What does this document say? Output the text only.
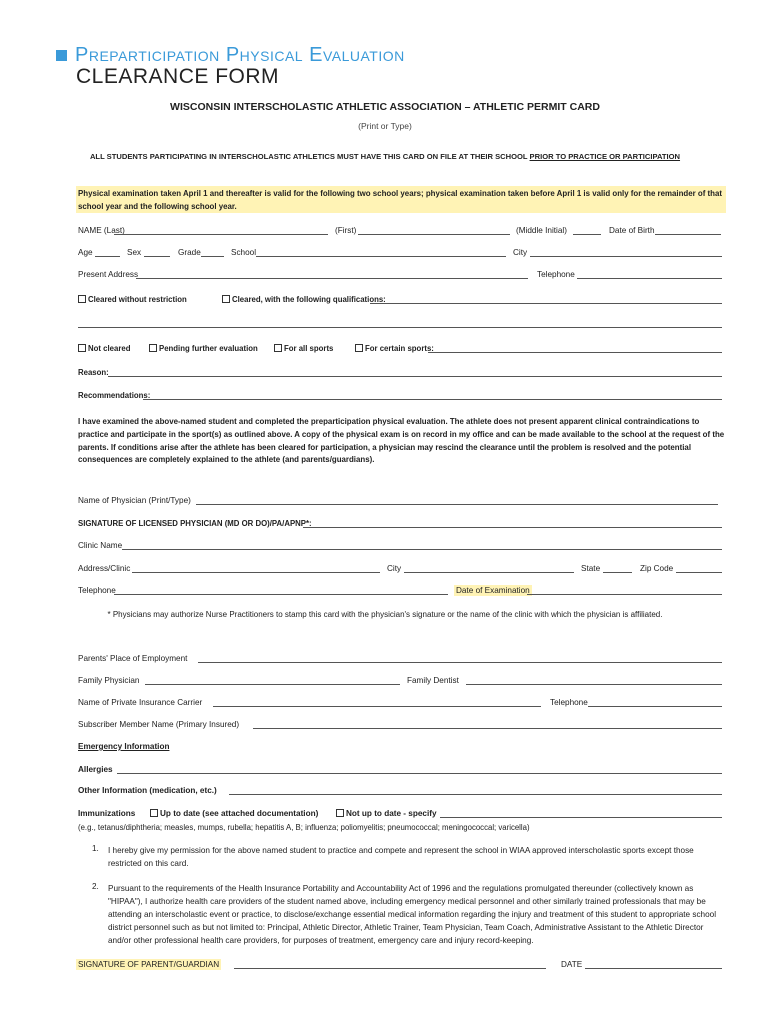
Preparticipation Physical Evaluation
CLEARANCE FORM
WISCONSIN INTERSCHOLASTIC ATHLETIC ASSOCIATION – ATHLETIC PERMIT CARD
(Print or Type)
ALL STUDENTS PARTICIPATING IN INTERSCHOLASTIC ATHLETICS MUST HAVE THIS CARD ON FILE AT THEIR SCHOOL PRIOR TO PRACTICE OR PARTICIPATION
Physical examination taken April 1 and thereafter is valid for the following two school years; physical examination taken before April 1 is valid only for the remainder of that school year and the following school year.
NAME (Last)	(First)	(Middle Initial)	Date of Birth
Age	Sex	Grade	School	City
Present Address	Telephone
Cleared without restriction	Cleared, with the following qualifications:
Not cleared	Pending further evaluation	For all sports	For certain sports:
Reason:
Recommendations:
I have examined the above-named student and completed the preparticipation physical evaluation. The athlete does not present apparent clinical contraindications to practice and participate in the sport(s) as outlined above. A copy of the physical exam is on record in my office and can be made available to the school at the request of the parents. If conditions arise after the athlete has been cleared for participation, a physician may rescind the clearance until the problem is resolved and the potential consequences are completely explained to the athlete (and parents/guardians).
Name of Physician (Print/Type)
SIGNATURE OF LICENSED PHYSICIAN (MD OR DO)/PA/APNP*:
Clinic Name
Address/Clinic	City	State	Zip Code
Telephone	Date of Examination
* Physicians may authorize Nurse Practitioners to stamp this card with the physician's signature or the name of the clinic with which the physician is affiliated.
Parents' Place of Employment
Family Physician	Family Dentist
Name of Private Insurance Carrier	Telephone
Subscriber Member Name (Primary Insured)
Emergency Information
Allergies
Other Information (medication, etc.)
Immunizations	Up to date (see attached documentation)	Not up to date - specify
(e.g., tetanus/diphtheria; measles, mumps, rubella; hepatitis A, B; influenza; poliomyelitis; pneumococcal; meningococcal; varicella)
1.	I hereby give my permission for the above named student to practice and compete and represent the school in WIAA approved interscholastic sports except those restricted on this card.
2.	Pursuant to the requirements of the Health Insurance Portability and Accountability Act of 1996 and the regulations promulgated thereunder (collectively known as "HIPAA"), I authorize health care providers of the student named above, including emergency medical personnel and other similarly trained professionals that may be attending an interscholastic event or practice, to disclose/exchange essential medical information regarding the injury and treatment of this student to appropriate school district personnel such as but not limited to: Principal, Athletic Director, Athletic Trainer, Team Physician, Team Coach, Administrative Assistant to the Athletic Director and/or other professional health care providers, for purposes of treatment, emergency care and injury record-keeping.
SIGNATURE OF PARENT/GUARDIAN	DATE
